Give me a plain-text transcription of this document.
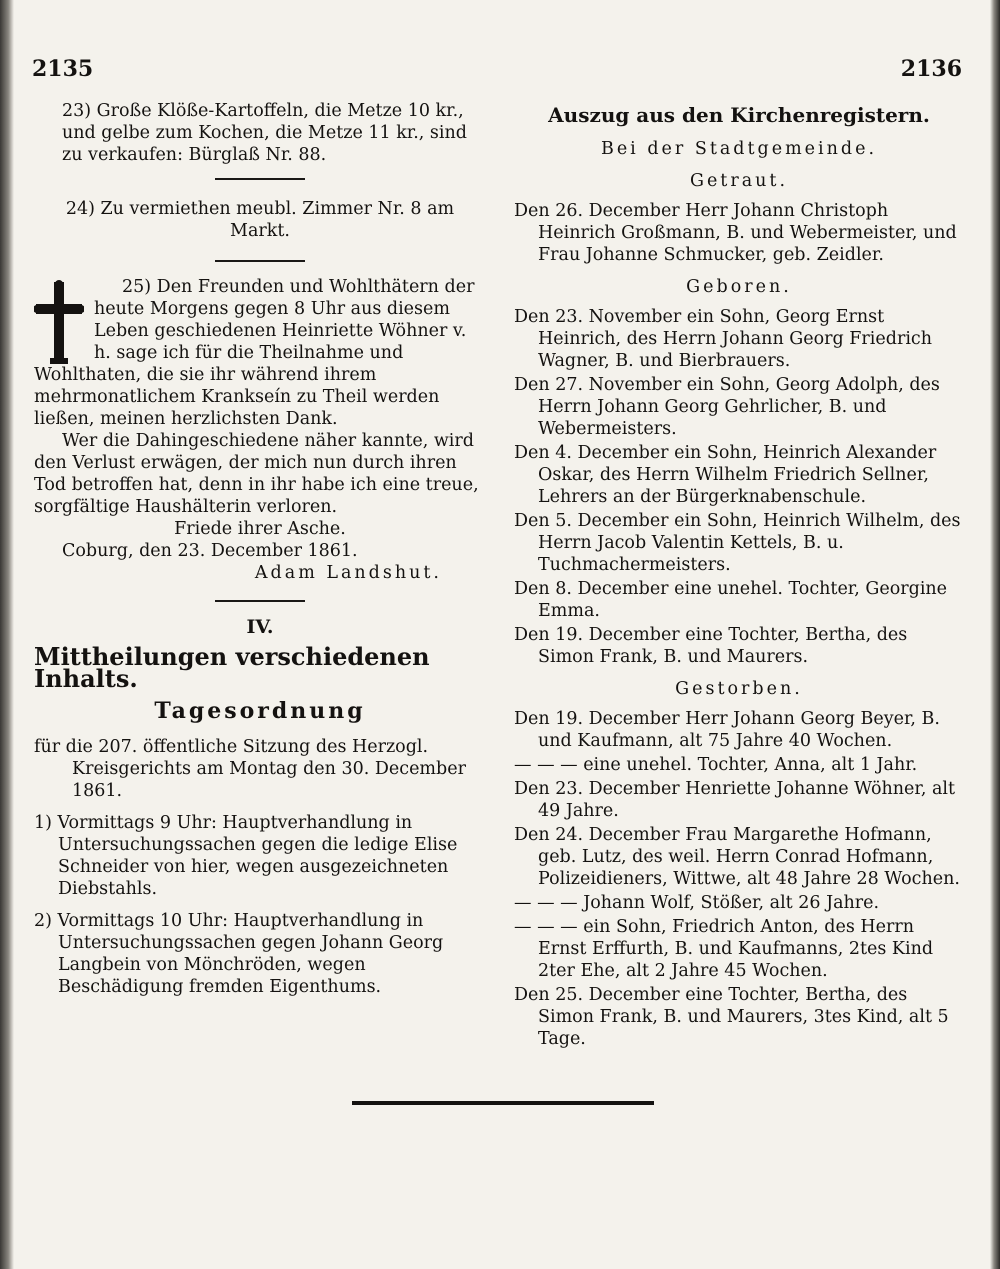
2135	2136

23) Große Klöße-Kartoffeln, die Metze 10 kr., und gelbe zum Kochen, die Metze 11 kr., sind zu verkaufen: Bürglaß Nr. 88.

24) Zu vermiethen meubl. Zimmer Nr. 8 am Markt.

25) Den Freunden und Wohlthätern der heute Morgens gegen 8 Uhr aus diesem Leben geschiedenen Heinriette Wöhner v. h. sage ich für die Theilnahme und Wohlthaten, die sie ihr während ihrem mehrmonatlichem Krankseín zu Theil werden ließen, meinen herzlichsten Dank.

Wer die Dahingeschiedene näher kannte, wird den Verlust erwägen, der mich nun durch ihren Tod betroffen hat, denn in ihr habe ich eine treue, sorgfältige Haushälterin verloren.

Friede ihrer Asche.

Coburg, den 23. December 1861.

Adam Landshut.

IV.

Mittheilungen verschiedenen Inhalts.

Tagesordnung

für die 207. öffentliche Sitzung des Herzogl. Kreisgerichts am Montag den 30. December 1861.

1) Vormittags 9 Uhr: Hauptverhandlung in Untersuchungssachen gegen die ledige Elise Schneider von hier, wegen ausgezeichneten Diebstahls.

2) Vormittags 10 Uhr: Hauptverhandlung in Untersuchungssachen gegen Johann Georg Langbein von Mönchröden, wegen Beschädigung fremden Eigenthums.

Auszug aus den Kirchenregistern.

Bei der Stadtgemeinde.

Getraut.

Den 26. December Herr Johann Christoph Heinrich Großmann, B. und Webermeister, und Frau Johanne Schmucker, geb. Zeidler.

Geboren.

Den 23. November ein Sohn, Georg Ernst Heinrich, des Herrn Johann Georg Friedrich Wagner, B. und Bierbrauers.

Den 27. November ein Sohn, Georg Adolph, des Herrn Johann Georg Gehrlicher, B. und Webermeisters.

Den 4. December ein Sohn, Heinrich Alexander Oskar, des Herrn Wilhelm Friedrich Sellner, Lehrers an der Bürgerknabenschule.

Den 5. December ein Sohn, Heinrich Wilhelm, des Herrn Jacob Valentin Kettels, B. u. Tuchmachermeisters.

Den 8. December eine unehel. Tochter, Georgine Emma.

Den 19. December eine Tochter, Bertha, des Simon Frank, B. und Maurers.

Gestorben.

Den 19. December Herr Johann Georg Beyer, B. und Kaufmann, alt 75 Jahre 40 Wochen.

— — — eine unehel. Tochter, Anna, alt 1 Jahr.

Den 23. December Henriette Johanne Wöhner, alt 49 Jahre.

Den 24. December Frau Margarethe Hofmann, geb. Lutz, des weil. Herrn Conrad Hofmann, Polizeidieners, Wittwe, alt 48 Jahre 28 Wochen.

— — — Johann Wolf, Stößer, alt 26 Jahre.

— — — ein Sohn, Friedrich Anton, des Herrn Ernst Erffurth, B. und Kaufmanns, 2tes Kind 2ter Ehe, alt 2 Jahre 45 Wochen.

Den 25. December eine Tochter, Bertha, des Simon Frank, B. und Maurers, 3tes Kind, alt 5 Tage.
